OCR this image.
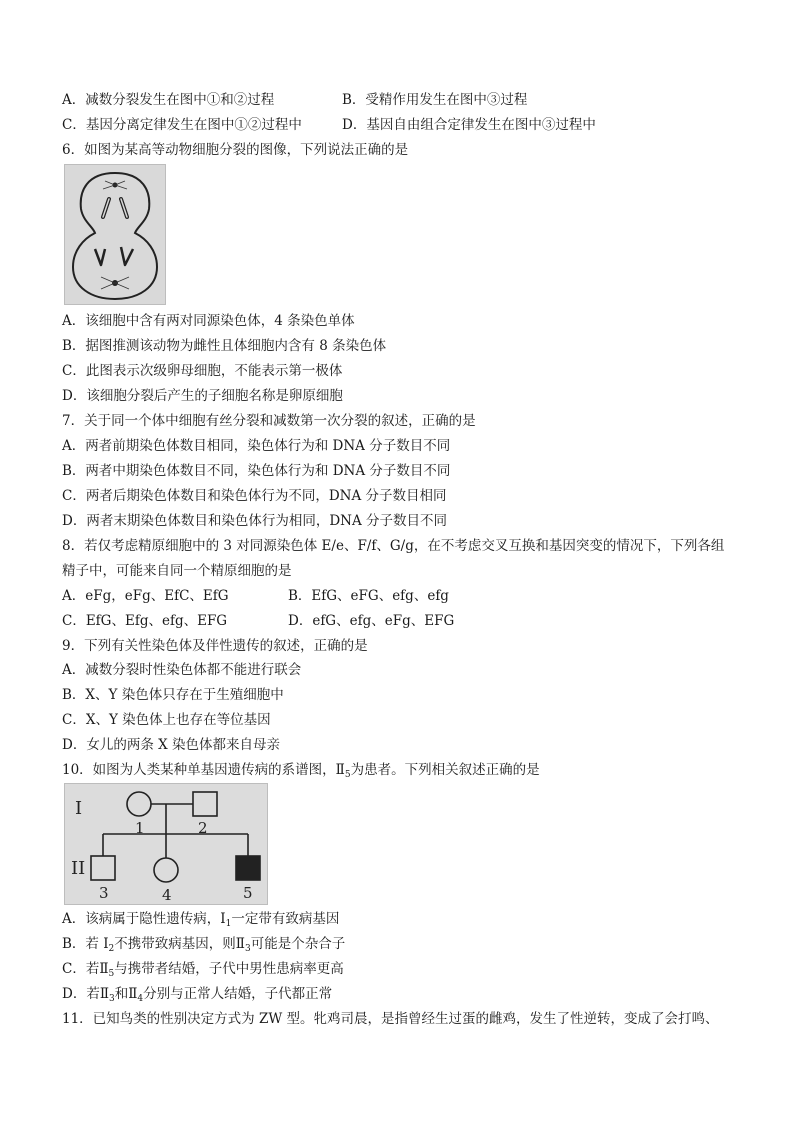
A．减数分裂发生在图中①和②过程	B．受精作用发生在图中③过程
C．基因分离定律发生在图中①②过程中	D．基因自由组合定律发生在图中③过程中
6．如图为某高等动物细胞分裂的图像，下列说法正确的是
A．该细胞中含有两对同源染色体，4 条染色单体
B．据图推测该动物为雌性且体细胞内含有 8 条染色体
C．此图表示次级卵母细胞，不能表示第一极体
D．该细胞分裂后产生的子细胞名称是卵原细胞
7．关于同一个体中细胞有丝分裂和减数第一次分裂的叙述，正确的是
A．两者前期染色体数目相同，染色体行为和 DNA 分子数目不同
B．两者中期染色体数目不同，染色体行为和 DNA 分子数目不同
C．两者后期染色体数目和染色体行为不同，DNA 分子数目相同
D．两者末期染色体数目和染色体行为相同，DNA 分子数目不同
8．若仅考虑精原细胞中的 3 对同源染色体 E/e、F/f、G/g，在不考虑交叉互换和基因突变的情况下，下列各组
精子中，可能来自同一个精原细胞的是
A．eFg，eFg、EfC、EfG	B．EfG、eFG、efg、efg
C．EfG、Efg、efg、EFG	D．efG、efg、eFg、EFG
9．下列有关性染色体及伴性遗传的叙述，正确的是
A．减数分裂时性染色体都不能进行联会
B．X、Y 染色体只存在于生殖细胞中
C．X、Y 染色体上也存在等位基因
D．女儿的两条 X 染色体都来自母亲
10．如图为人类某种单基因遗传病的系谱图，$Ⅱ_5$为患者。下列相关叙述正确的是
I
II
1	2
3	4	5
A．该病属于隐性遗传病，$I_1$一定带有致病基因
B．若 $I_2$不携带致病基因，则$Ⅱ_3$可能是个杂合子
C．若$Ⅱ_5$与携带者结婚，子代中男性患病率更高
D．若$Ⅱ_3$和$Ⅱ_4$分别与正常人结婚，子代都正常
11．已知鸟类的性别决定方式为 ZW 型。牝鸡司晨，是指曾经生过蛋的雌鸡，发生了性逆转，变成了会打鸣、
